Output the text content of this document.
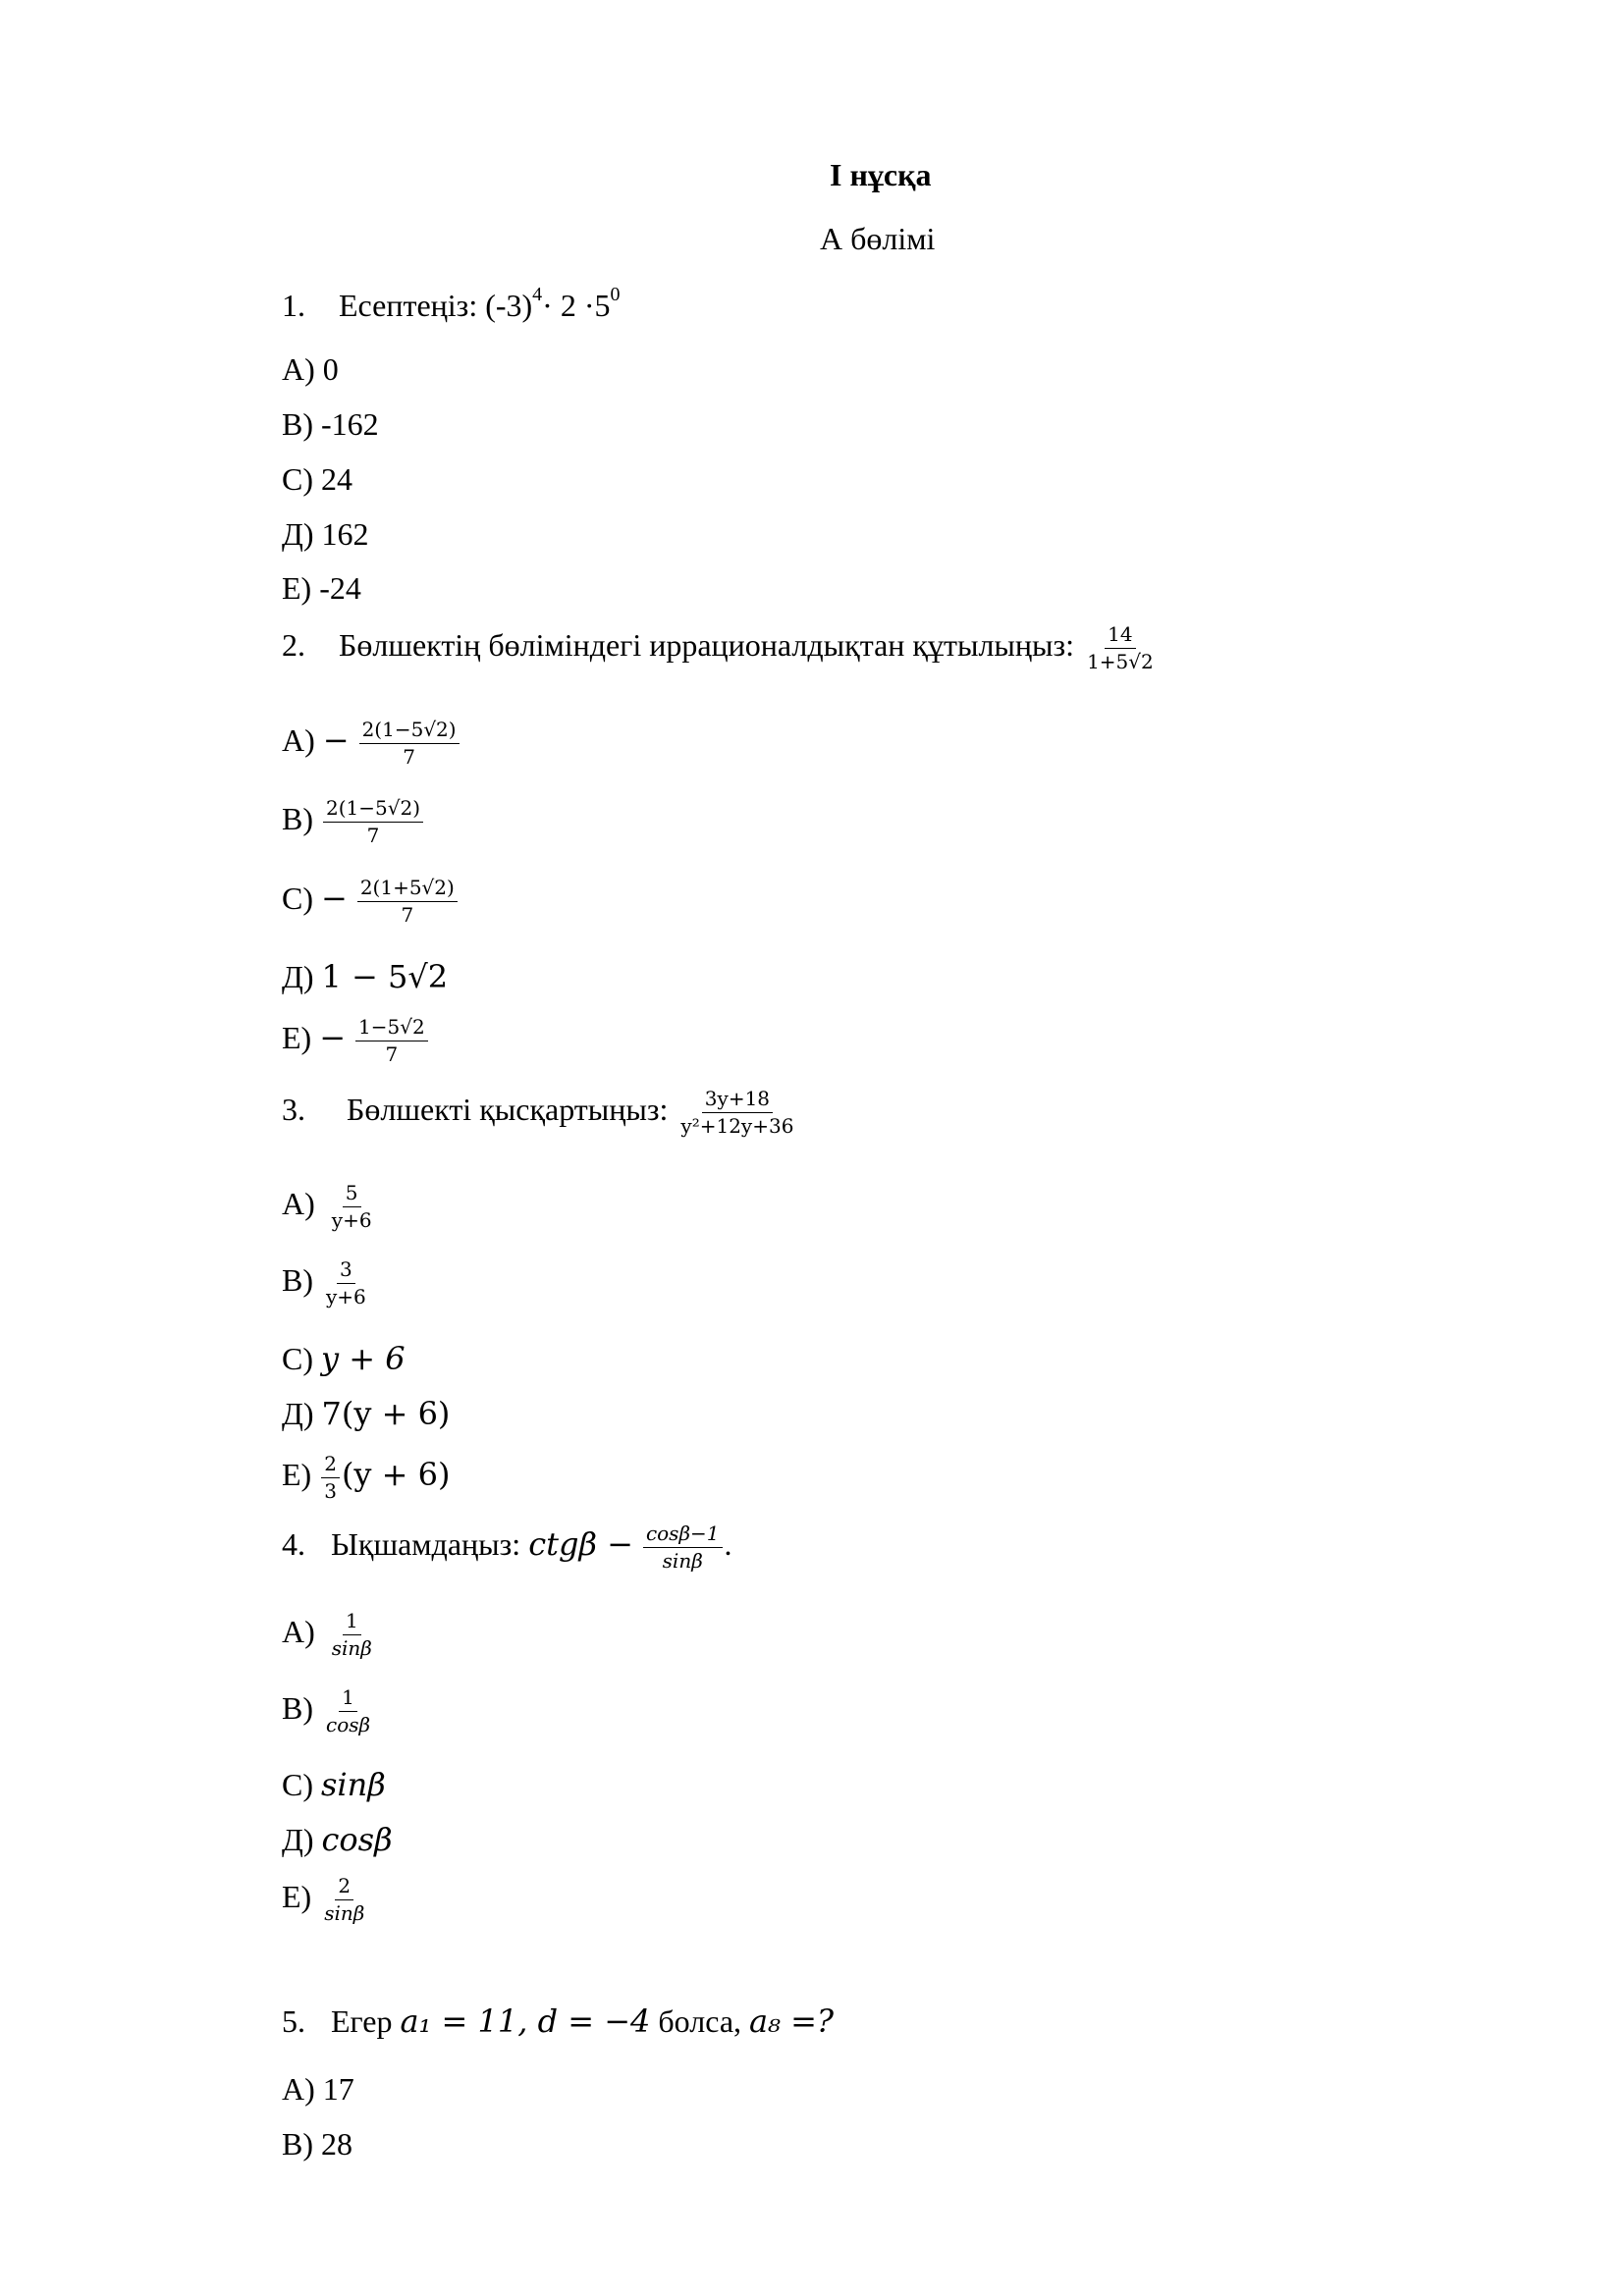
I нұсқа
А бөлімі
1. Есептеңіз: $(-3)^4\cdot 2 \cdot 5^0$
A) 0
B) -162
C) 24
Д) 162
E) -24
2. Бөлшектің бөліміндегі иррационалдықтан құтылыңыз: $\frac{14}{1+5√2}$
$A) - \frac{2(1-5√2)}{7}$
$B) \frac{2(1-5√2)}{7}$
$C) - \frac{2(1+5√2)}{7}$
Д) 1 − 5√2
$E) - \frac{1-5√2}{7}$
3. Бөлшекті қысқартыңыз: $\frac{3y+18}{\text{y²+12y+36}}$
$A) \frac{5}{y+6}$
$B) \frac{3}{y+6}$
C) y + 6
Д) 7(y + 6)
$E) \frac{2}{3} (y + 6)$
4. Ықшамдаңыз: $ctg\beta - \frac{\cos\beta-1}{\sin\beta}$ .
$A) \frac{1}{\sin\beta}$
$B) \frac{1}{\cos\beta}$
C) sinβ
Д) cosβ
$E) \frac{2}{\sin\beta}$
5. Егер a₁ = 11, d = −4 болса, a₈ =?
A) 17
B) 28
